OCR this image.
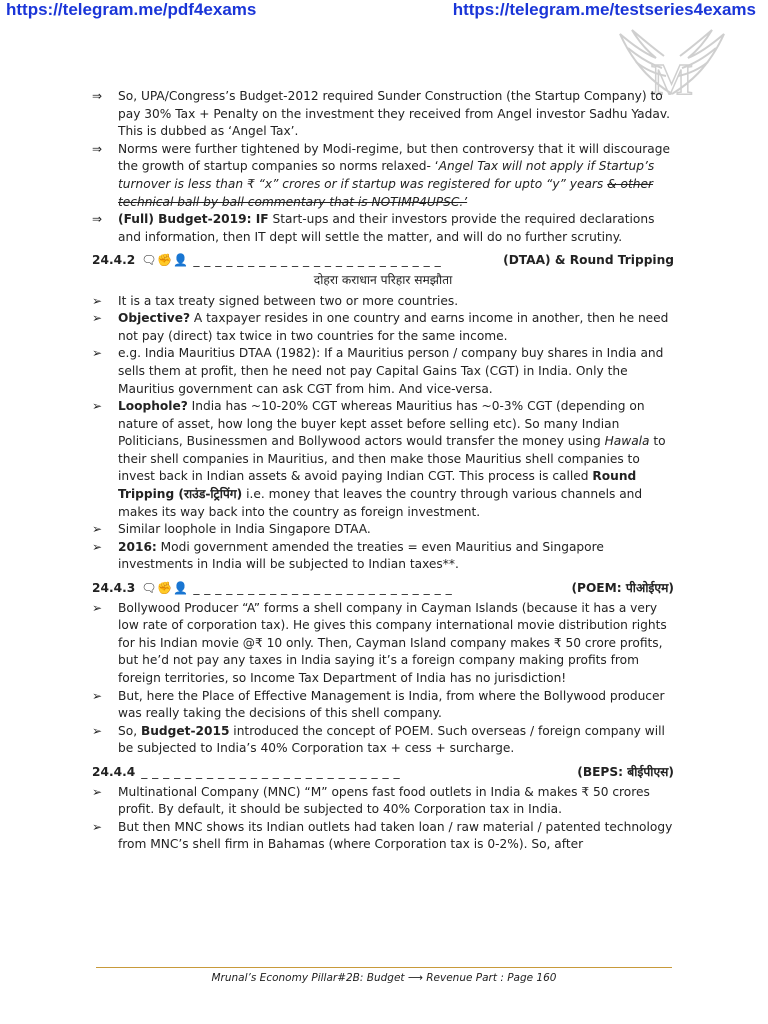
https://telegram.me/pdf4exams	https://telegram.me/testseries4exams
M
⇒	So, UPA/Congress’s Budget-2012 required Sunder Construction (the Startup Company) to pay 30% Tax + Penalty on the investment they received from Angel investor Sadhu Yadav. This is dubbed as ‘Angel Tax’.
⇒	Norms were further tightened by Modi-regime, but then controversy that it will discourage the growth of startup companies so norms relaxed- ‘Angel Tax will not apply if Startup’s turnover is less than ₹ “x” crores or if startup was registered for upto “y” years & other technical ball by ball commentary that is NOTIMP4UPSC.’
⇒	(Full) Budget-2019: IF Start-ups and their investors provide the required declarations and information, then IT dept will settle the matter, and will do no further scrutiny.
24.4.2 🗨✊👤 _ _ _ _ _ _ _ _ _ _ _ _ _ _ _ _ _ _ _ _ _ _ _	(DTAA) & Round Tripping
दोहरा कराधान परिहार समझौता
➢	It is a tax treaty signed between two or more countries.
➢	Objective? A taxpayer resides in one country and earns income in another, then he need not pay (direct) tax twice in two countries for the same income.
➢	e.g. India Mauritius DTAA (1982): If a Mauritius person / company buy shares in India and sells them at profit, then he need not pay Capital Gains Tax (CGT) in India. Only the Mauritius government can ask CGT from him. And vice-versa.
➢	Loophole? India has ~10-20% CGT whereas Mauritius has ~0-3% CGT (depending on nature of asset, how long the buyer kept asset before selling etc). So many Indian Politicians, Businessmen and Bollywood actors would transfer the money using Hawala to their shell companies in Mauritius, and then make those Mauritius shell companies to invest back in Indian assets & avoid paying Indian CGT. This process is called Round Tripping (राउंड-ट्रिपिंग) i.e. money that leaves the country through various channels and makes its way back into the country as foreign investment.
➢	Similar loophole in India Singapore DTAA.
➢	2016: Modi government amended the treaties = even Mauritius and Singapore investments in India will be subjected to Indian taxes**.
24.4.3 🗨✊👤 _ _ _ _ _ _ _ _ _ _ _ _ _ _ _ _ _ _ _ _ _ _ _ _	(POEM: पीओईएम)
➢	Bollywood Producer “A” forms a shell company in Cayman Islands (because it has a very low rate of corporation tax). He gives this company international movie distribution rights for his Indian movie @₹ 10 only. Then, Cayman Island company makes ₹ 50 crore profits, but he’d not pay any taxes in India saying it’s a foreign company making profits from foreign territories, so Income Tax Department of India has no jurisdiction!
➢	But, here the Place of Effective Management is India, from where the Bollywood producer was really taking the decisions of this shell company.
➢	So, Budget-2015 introduced the concept of POEM. Such overseas / foreign company will be subjected to India’s 40% Corporation tax + cess + surcharge.
24.4.4 _ _ _ _ _ _ _ _ _ _ _ _ _ _ _ _ _ _ _ _ _ _ _ _	(BEPS: बीईपीएस)
➢	Multinational Company (MNC) “M” opens fast food outlets in India & makes ₹ 50 crores profit. By default, it should be subjected to 40% Corporation tax in India.
➢	But then MNC shows its Indian outlets had taken loan / raw material / patented technology from MNC’s shell firm in Bahamas (where Corporation tax is 0-2%). So, after
Mrunal’s Economy Pillar#2B: Budget ⟶ Revenue Part : Page 160
